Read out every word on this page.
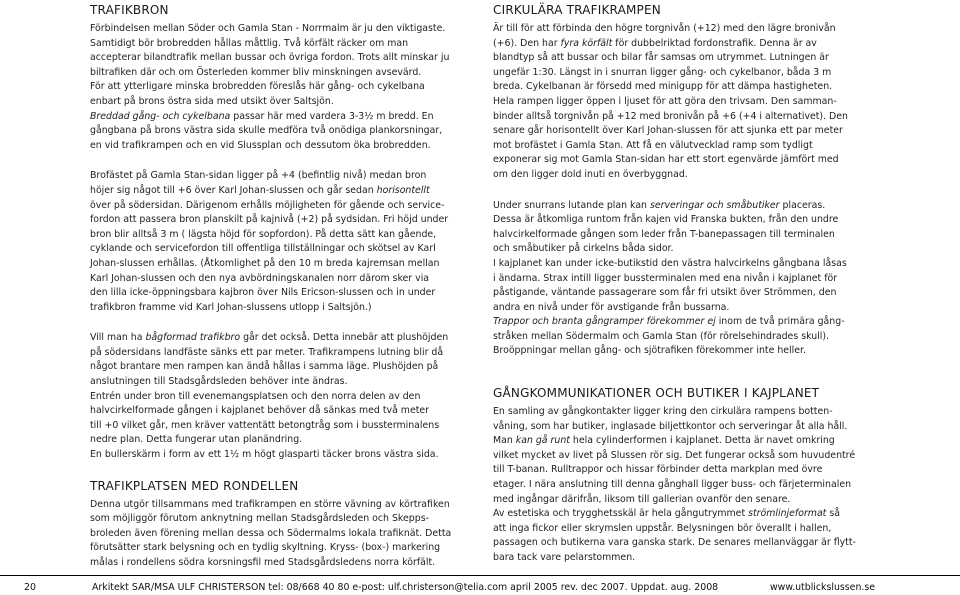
TRAFIKBRON

Förbindelsen mellan Söder och Gamla Stan - Norrmalm är ju den viktigaste.

Samtidigt bör brobredden hållas måttlig. Två körfält räcker om man

accepterar bilandtrafik mellan bussar och övriga fordon. Trots allt minskar ju

biltrafiken där och om Österleden kommer bliv minskningen avsevärd.

För att ytterligare minska brobredden föreslås här gång- och cykelbana

enbart på brons östra sida med utsikt över Saltsjön.

Breddad gång- och cykelbana passar här med vardera 3-3½ m bredd. En

gångbana på brons västra sida skulle medföra två onödiga plankorsningar,

en vid trafikrampen och en vid Slussplan och dessutom öka brobredden.

Brofästet på Gamla Stan-sidan ligger på +4 (befintlig nivå) medan bron

höjer sig något till +6 över Karl Johan-slussen och går sedan horisontellt

över på södersidan. Därigenom erhålls möjligheten för gående och service-

fordon att passera bron planskilt på kajnivå (+2) på sydsidan. Fri höjd under

bron blir alltså 3 m ( lägsta höjd för sopfordon). På detta sätt kan gående,

cyklande och servicefordon till offentliga tillställningar och skötsel av Karl

Johan-slussen erhållas. (Åtkomlighet på den 10 m breda kajremsan mellan

Karl Johan-slussen och den nya avbördningskanalen norr därom sker via

den lilla icke-öppningsbara kajbron över Nils Ericson-slussen och in under

trafikbron framme vid Karl Johan-slussens utlopp i Saltsjön.)

Vill man ha bågformad trafikbro går det också. Detta innebär att plushöjden

på södersidans landfäste sänks ett par meter. Trafikrampens lutning blir då

något brantare men rampen kan ändå hållas i samma läge. Plushöjden på

anslutningen till Stadsgårdsleden behöver inte ändras.

Entrén under bron till evenemangsplatsen och den norra delen av den

halvcirkelformade gången i kajplanet behöver då sänkas med två meter

till +0 vilket går, men kräver vattentätt betongtråg som i bussterminalens

nedre plan. Detta fungerar utan planändring.

En bullerskärm i form av ett 1½ m högt glasparti täcker brons västra sida.

TRAFIKPLATSEN MED RONDELLEN

Denna utgör tillsammans med trafikrampen en större vävning av körtrafiken

som möjliggör förutom anknytning mellan Stadsgårdsleden och Skepps-

broleden även förening mellan dessa och Södermalms lokala trafiknät. Detta

förutsätter stark belysning och en tydlig skyltning. Kryss- (box-) markering

målas i rondellens södra korsningsfil med Stadsgårdsledens norra körfält.

CIRKULÄRA TRAFIKRAMPEN

Är till för att förbinda den högre torgnivån (+12) med den lägre bronivån

(+6). Den har fyra körfält för dubbelriktad fordonstrafik. Denna är av

blandtyp så att bussar och bilar får samsas om utrymmet. Lutningen är

ungefär 1:30. Längst in i snurran ligger gång- och cykelbanor, båda 3 m

breda. Cykelbanan är försedd med minigupp för att dämpa hastigheten.

Hela rampen ligger öppen i ljuset för att göra den trivsam. Den samman-

binder alltså torgnivån på +12 med bronivån på +6 (+4 i alternativet). Den

senare går horisontellt över Karl Johan-slussen för att sjunka ett par meter

mot brofästet i Gamla Stan. Att få en välutvecklad ramp som tydligt

exponerar sig mot Gamla Stan-sidan har ett stort egenvärde jämfört med

om den ligger dold inuti en överbyggnad.

Under snurrans lutande plan kan serveringar och småbutiker placeras.

Dessa är åtkomliga runtom från kajen vid Franska bukten, från den undre

halvcirkelformade gången som leder från T-banepassagen till terminalen

och småbutiker på cirkelns båda sidor.

I kajplanet kan under icke-butikstid den västra halvcirkelns gångbana låsas

i ändarna. Strax intill ligger bussterminalen med ena nivån i kajplanet för

påstigande, väntande passagerare som får fri utsikt över Strömmen, den

andra en nivå under för avstigande från bussarna.

Trappor och branta gångramper förekommer ej inom de två primära gång-

stråken mellan Södermalm och Gamla Stan (för rörelsehindrades skull).

Broöppningar mellan gång- och sjötrafiken förekommer inte heller.

GÅNGKOMMUNIKATIONER OCH BUTIKER I KAJPLANET

En samling av gångkontakter ligger kring den cirkulära rampens botten-

våning, som har butiker, inglasade biljettkontor och serveringar åt alla håll.

Man kan gå runt hela cylinderformen i kajplanet. Detta är navet omkring

vilket mycket av livet på Slussen rör sig. Det fungerar också som huvudentré

till T-banan. Rulltrappor och hissar förbinder detta markplan med övre

etager. I nära anslutning till denna gånghall ligger buss- och färjeterminalen

med ingångar därifrån, liksom till gallerian ovanför den senare.

Av estetiska och trygghetsskäl är hela gångutrymmet strömlinjeformat så

att inga fickor eller skrymslen uppstår. Belysningen bör överallt i hallen,

passagen och butikerna vara ganska stark. De senares mellanväggar är flytt-

bara tack vare pelarstommen.

20	Arkitekt SAR/MSA ULF CHRISTERSON tel: 08/668 40 80 e-post: ulf.christerson@telia.com april 2005 rev. dec 2007. Uppdat. aug. 2008	www.utblickslussen.se
